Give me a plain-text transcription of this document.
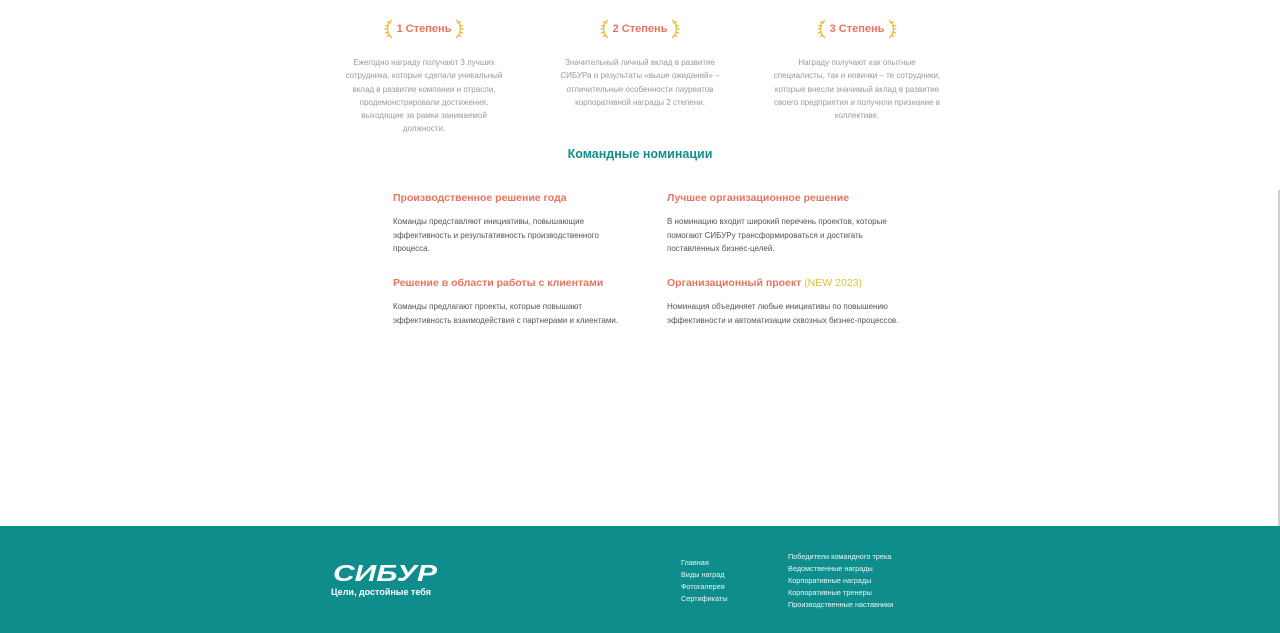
1 Степень
Ежегодно награду получают 3 лучших сотрудника, которые сделали уникальный вклад в развитие компании и отрасли, продемонстрировали достижения, выходящие за рамки занимаемой должности.
2 Степень
Значительный личный вклад в развитие СИБУРа и результаты «выше ожиданий» – отличительные особенности лауреатов корпоративной награды 2 степени.
3 Степень
Награду получают как опытные специалисты, так и новички – те сотрудники, которые внесли значимый вклад в развитие своего предприятия и получили признание в коллективе.
Командные номинации
Производственное решение года
Команды представляют инициативы, повышающие эффективность и результативность производственного процесса.
Лучшее организационное решение
В номинацию входит широкий перечень проектов, которые помогают СИБУРу трансформироваться и достигать поставленных бизнес-целей.
Решение в области работы с клиентами
Команды предлагают проекты, которые повышают эффективность взаимодействия с партнерами и клиентами.
Организационный проект (NEW 2023)
Номинация объединяет любые инициативы по повышению эффективности и автоматизации сквозных бизнес-процессов.
СИБУР
Цели, достойные тебя
Главная
Виды наград
Фотогалерея
Сертификаты
Победители командного трека
Ведомственные награды
Корпоративные награды
Корпоративные тренеры
Производственные наставники
